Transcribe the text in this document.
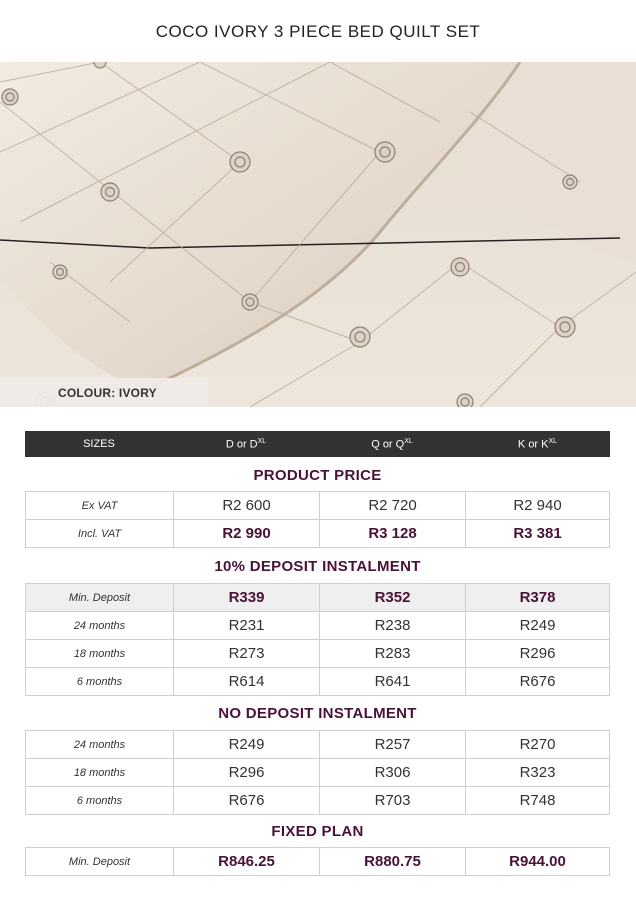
COCO IVORY 3 PIECE BED QUILT SET
COLOUR: IVORY
SIZES	D or $D^{XL}$	Q or $Q^{XL}$	K or $K^{XL}$
PRODUCT PRICE
Ex VAT	R2 600	R2 720	R2 940
Incl. VAT	R2 990	R3 128	R3 381
10% DEPOSIT INSTALMENT
Min. Deposit	R339	R352	R378
24 months	R231	R238	R249
18 months	R273	R283	R296
6 months	R614	R641	R676
NO DEPOSIT INSTALMENT
24 months	R249	R257	R270
18 months	R296	R306	R323
6 months	R676	R703	R748
FIXED PLAN
Min. Deposit	R846.25	R880.75	R944.00
